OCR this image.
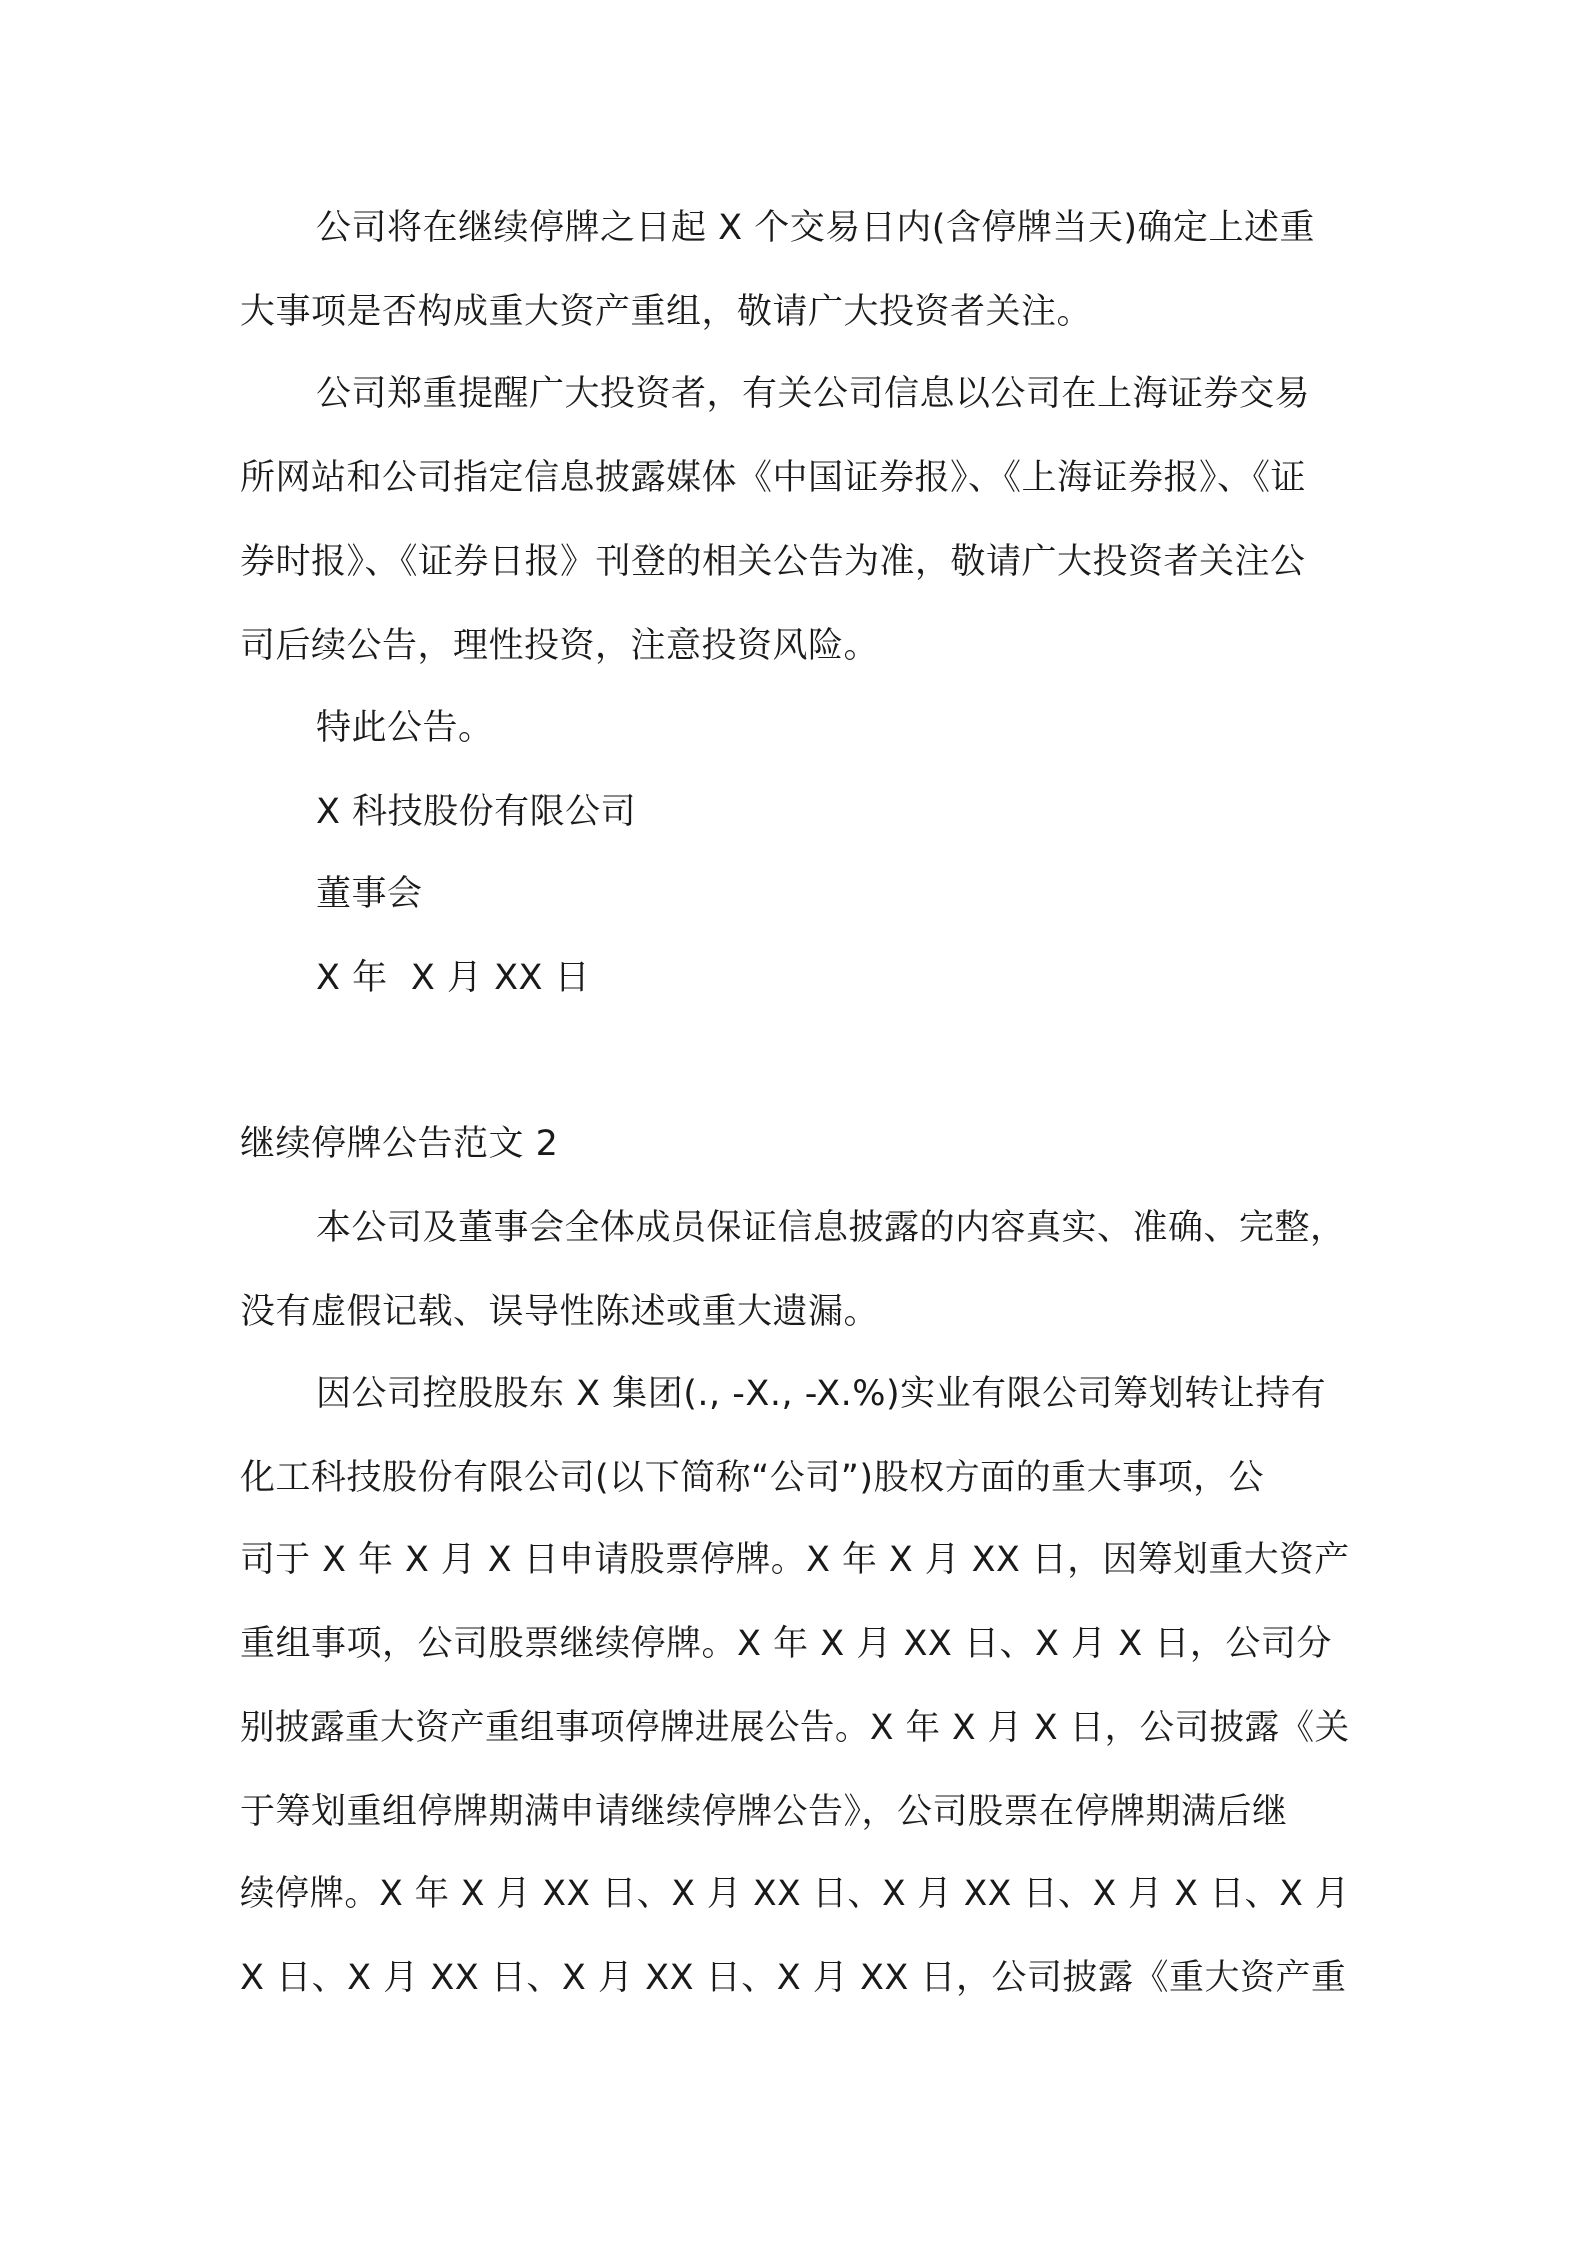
公司将在继续停牌之日起 X 个交易日内(含停牌当天)确定上述重
大事项是否构成重大资产重组，敬请广大投资者关注。
公司郑重提醒广大投资者，有关公司信息以公司在上海证券交易
所网站和公司指定信息披露媒体《中国证券报》、《上海证券报》、《证
券时报》、《证券日报》刊登的相关公告为准，敬请广大投资者关注公
司后续公告，理性投资，注意投资风险。
特此公告。
X 科技股份有限公司
董事会
X 年  X 月 XX 日
继续停牌公告范文 2
本公司及董事会全体成员保证信息披露的内容真实、准确、完整，
没有虚假记载、误导性陈述或重大遗漏。
因公司控股股东 X 集团(., -X., -X.%)实业有限公司筹划转让持有
化工科技股份有限公司(以下简称“公司”)股权方面的重大事项，公
司于 X 年 X 月 X 日申请股票停牌。X 年 X 月 XX 日，因筹划重大资产
重组事项，公司股票继续停牌。X 年 X 月 XX 日、X 月 X 日，公司分
别披露重大资产重组事项停牌进展公告。X 年 X 月 X 日，公司披露《关
于筹划重组停牌期满申请继续停牌公告》，公司股票在停牌期满后继
续停牌。X 年 X 月 XX 日、X 月 XX 日、X 月 XX 日、X 月 X 日、X 月
X 日、X 月 XX 日、X 月 XX 日、X 月 XX 日，公司披露《重大资产重
